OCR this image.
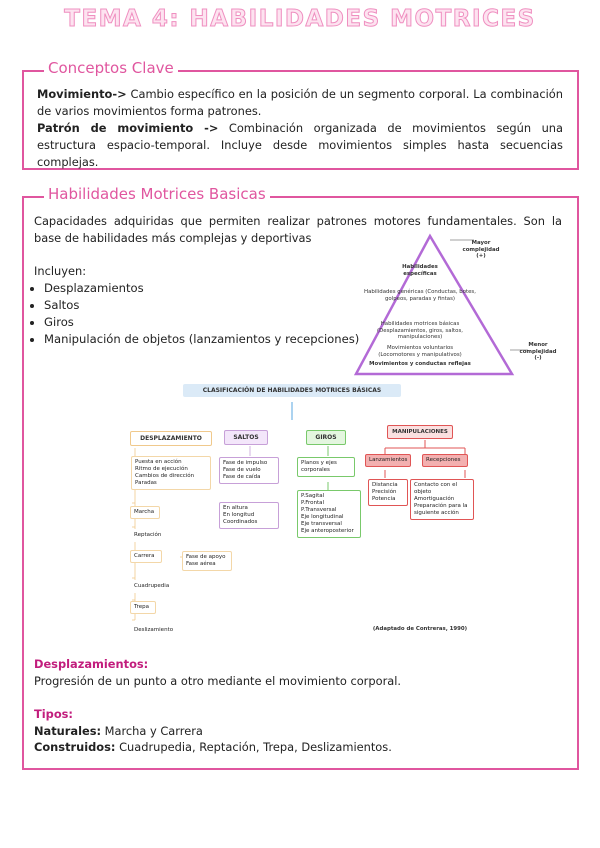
TEMA 4: HABILIDADES MOTRICES
Conceptos Clave
Movimiento-> Cambio específico en la posición de un segmento corporal. La combinación de varios movimientos forma patrones.
Patrón de movimiento -> Combinación organizada de movimientos según una estructura espacio-temporal. Incluye desde movimientos simples hasta secuencias complejas.
Habilidades Motrices Basicas
Capacidades adquiridas que permiten realizar patrones motores fundamentales. Son la base de habilidades más complejas y deportivas
Incluyen:
• Desplazamientos
• Saltos
• Giros
• Manipulación de objetos (lanzamientos y recepciones)
Mayor complejidad
(+)
Menor complejidad
(-)
Habilidades específicas
Habilidades genéricas (Conductas, botes, golpeos, paradas y fintas)
Habilidades motrices básicas (Desplazamientos, giros, saltos, manipulaciones)
Movimientos voluntarios (Locomotores y manipulativos)
Movimientos y conductas reflejas
CLASIFICACIÓN DE HABILIDADES MOTRICES BÁSICAS
DESPLAZAMIENTO	SALTOS	GIROS
MANIPULACIONES
Puesta en acción
Ritmo de ejecución
Cambios de dirección
Paradas
Marcha
Reptación
Carrera	Fase de apoyo
Fase aérea
Cuadrupedia
Trepa
Deslizamiento
Fase de impulso
Fase de vuelo
Fase de caída
En altura
En longitud
Coordinados
Planos y ejes corporales
P.Sagital
P.Frontal
P.Transversal
Eje longitudinal
Eje transversal
Eje anteroposterior
Lanzamientos	Recepciones
Distancia
Precisión
Potencia
Contacto con el objeto
Amortiguación
Preparación para la siguiente acción
(Adaptado de Contreras, 1990)
Desplazamientos:
Progresión de un punto a otro mediante el movimiento corporal.
Tipos:
Naturales: Marcha y Carrera
Construidos: Cuadrupedia, Reptación, Trepa, Deslizamientos.
